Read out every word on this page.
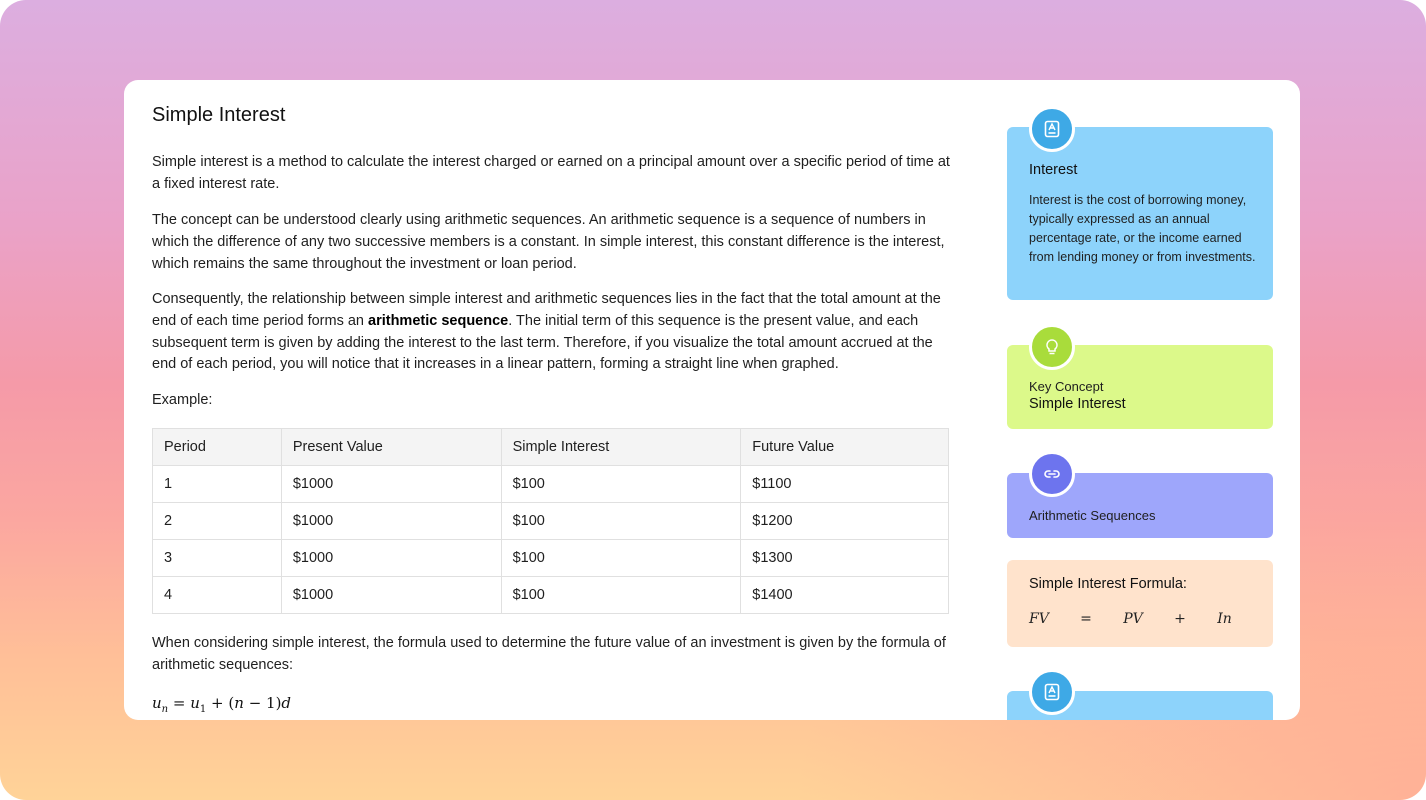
Simple Interest

Simple interest is a method to calculate the interest charged or earned on a principal amount over a specific period of time at a fixed interest rate.

The concept can be understood clearly using arithmetic sequences. An arithmetic sequence is a sequence of numbers in which the difference of any two successive members is a constant. In simple interest, this constant difference is the interest, which remains the same throughout the investment or loan period.

Consequently, the relationship between simple interest and arithmetic sequences lies in the fact that the total amount at the end of each time period forms an arithmetic sequence. The initial term of this sequence is the present value, and each subsequent term is given by adding the interest to the last term. Therefore, if you visualize the total amount accrued at the end of each period, you will notice that it increases in a linear pattern, forming a straight line when graphed.

Example:

Period	Present Value	Simple Interest	Future Value
1	$1000	$100	$1100
2	$1000	$100	$1200
3	$1000	$100	$1300
4	$1000	$100	$1400

When considering simple interest, the formula used to determine the future value of an investment is given by the formula of arithmetic sequences:

$u_n = u_1 + (n - 1)d$
Interest
Interest is the cost of borrowing money, typically expressed as an annual percentage rate, or the income earned from lending money or from investments.
Key Concept
Simple Interest
Arithmetic Sequences
Simple Interest Formula:
FV   =   PV   +   In
